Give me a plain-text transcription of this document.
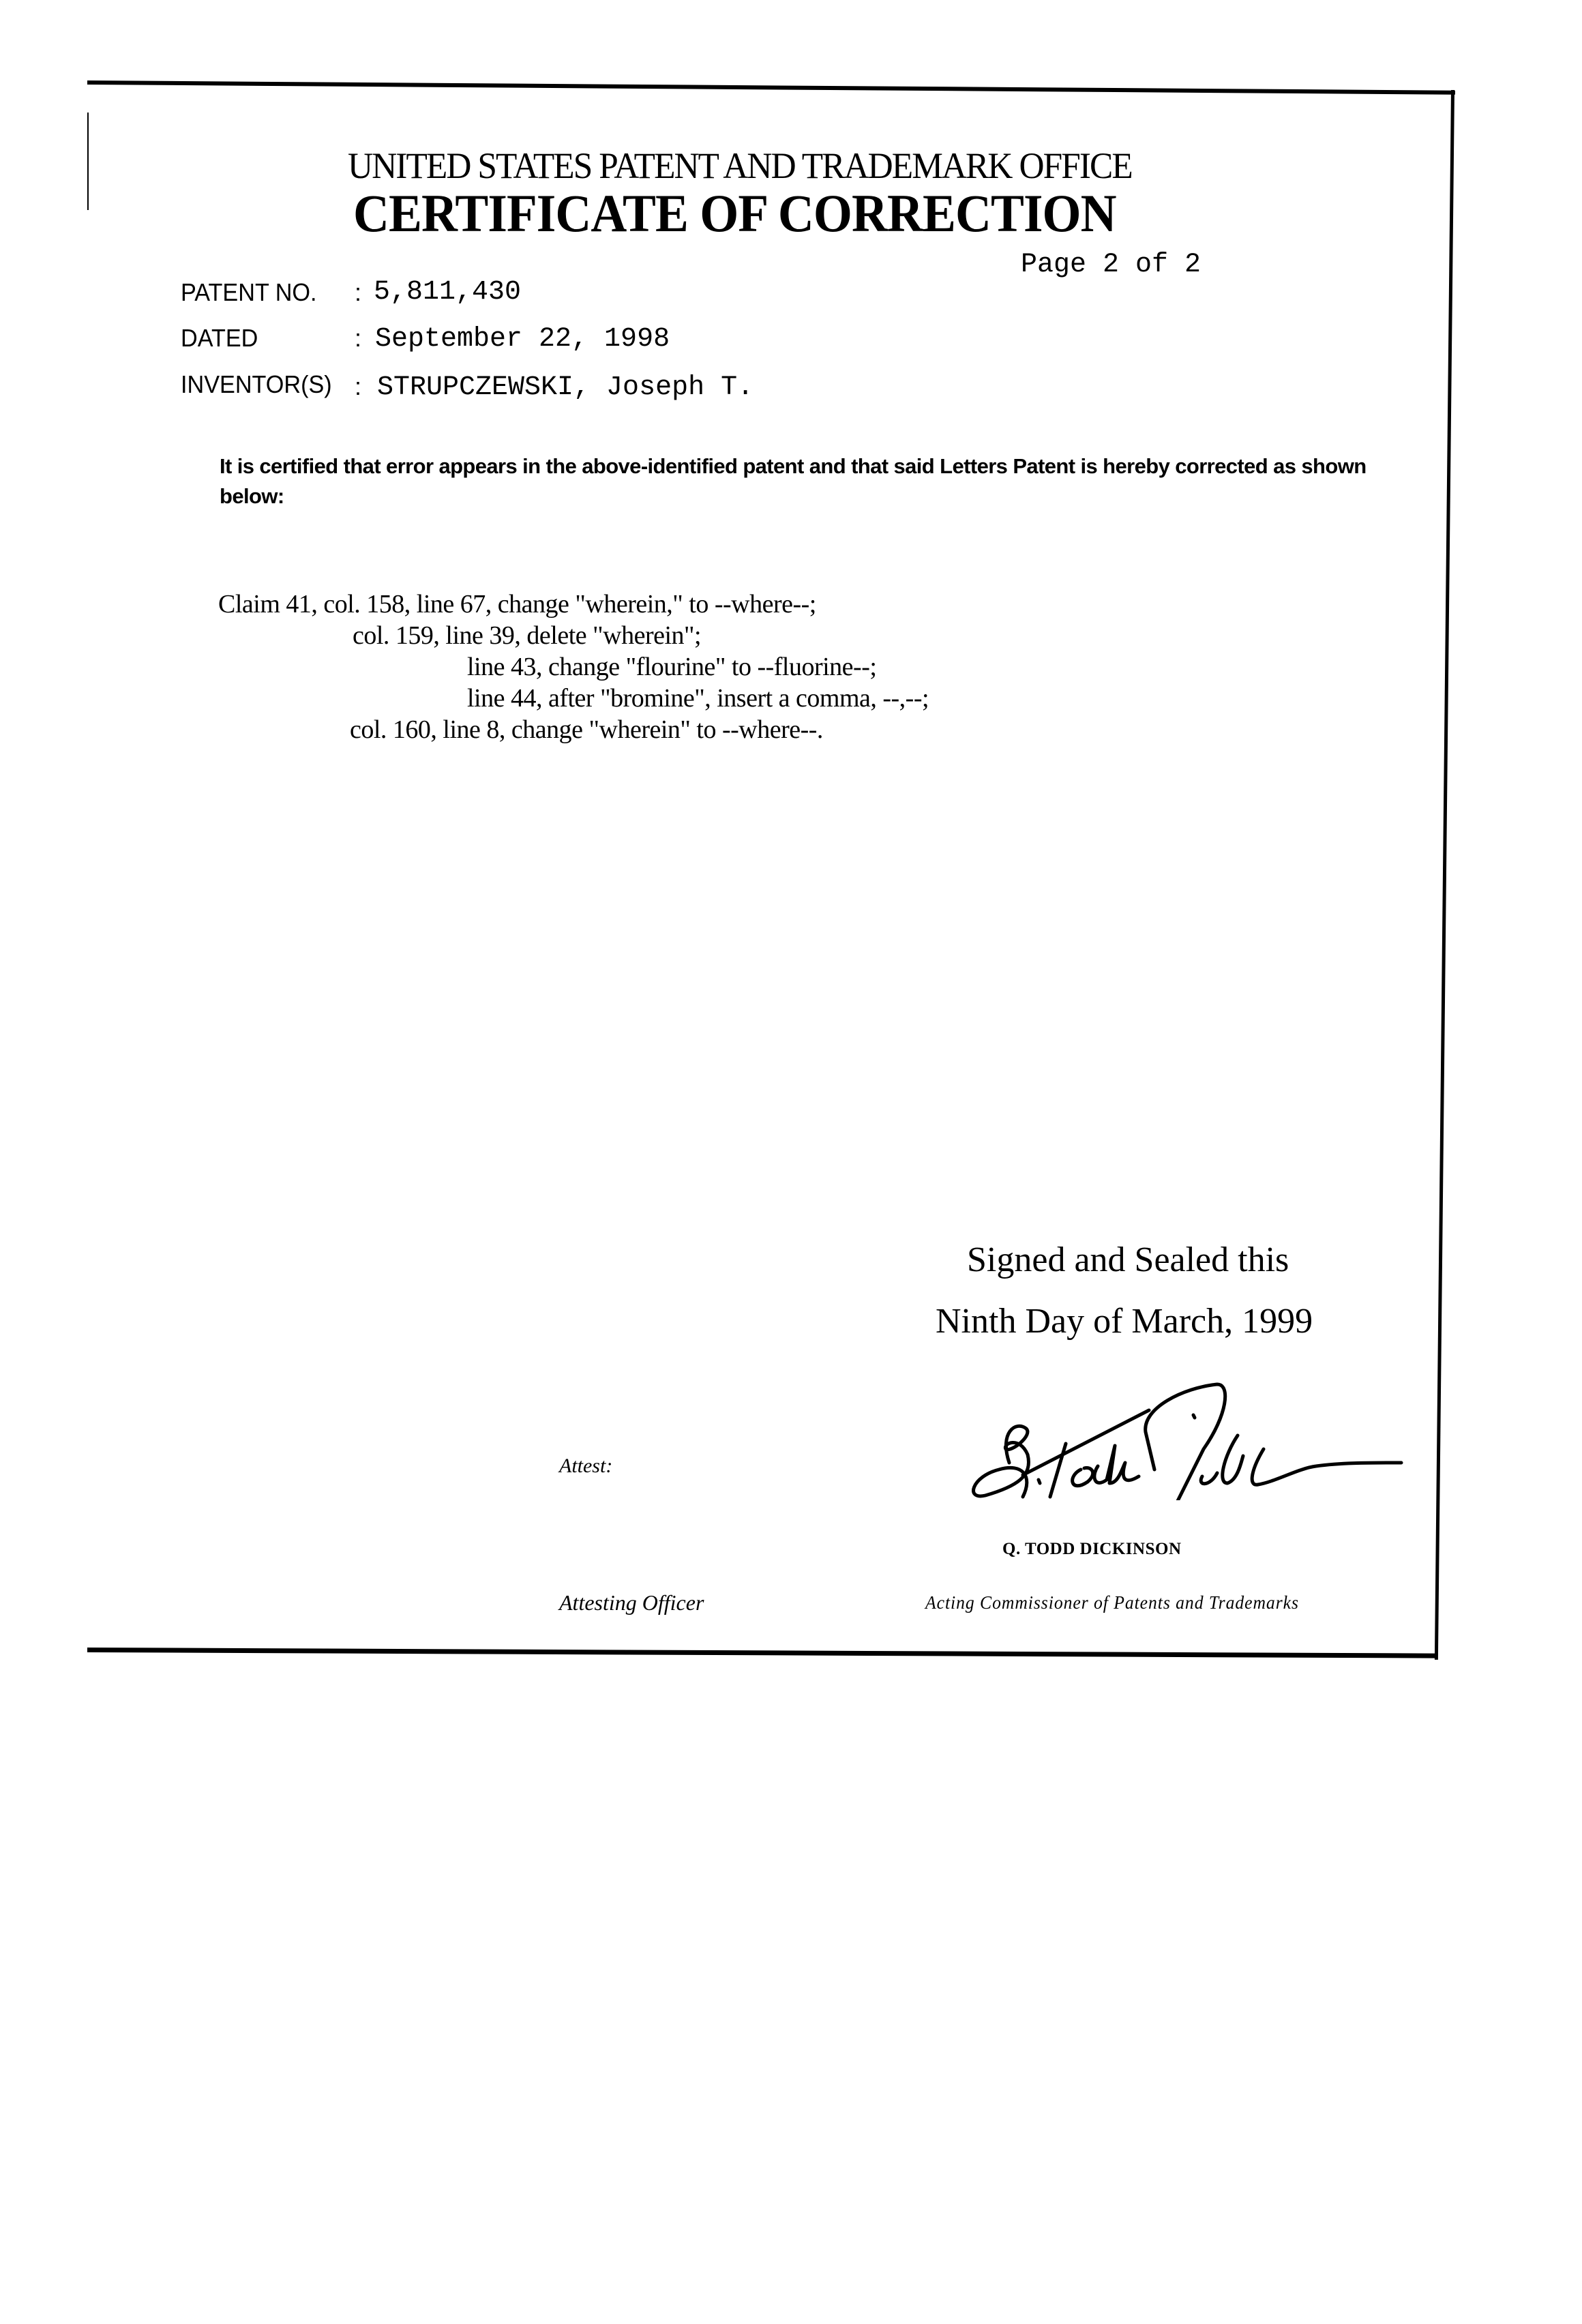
UNITED STATES PATENT AND TRADEMARK OFFICE
CERTIFICATE OF CORRECTION
Page 2 of 2
PATENT NO. : 5,811,430
DATED	: September 22, 1998
INVENTOR(S) : STRUPCZEWSKI, Joseph T.
It is certified that error appears in the above-identified patent and that said Letters Patent is hereby corrected as shown below:
Claim 41, col. 158, line 67, change "wherein," to --where--;
col. 159, line 39, delete "wherein";
line 43, change "flourine" to --fluorine--;
line 44, after "bromine", insert a comma, --,--;
col. 160, line 8, change "wherein" to --where--.
Signed and Sealed this
Ninth Day of March, 1999
Attest:
Attesting Officer
Q. TODD DICKINSON
Acting Commissioner of Patents and Trademarks
